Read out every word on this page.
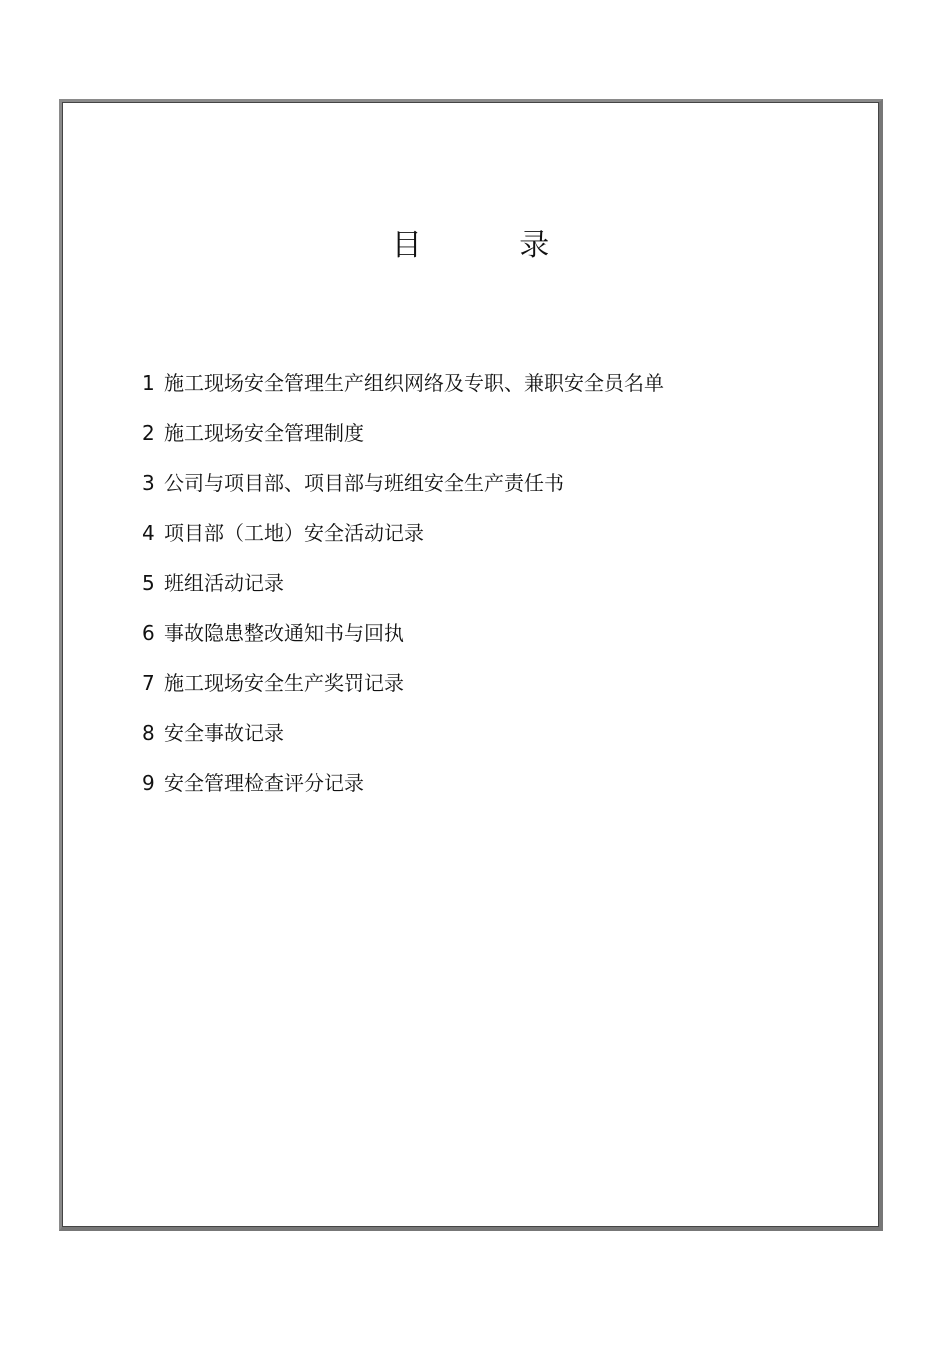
目 录
1 施工现场安全管理生产组织网络及专职、兼职安全员名单
2 施工现场安全管理制度
3 公司与项目部、项目部与班组安全生产责任书
4 项目部（工地）安全活动记录
5 班组活动记录
6 事故隐患整改通知书与回执
7 施工现场安全生产奖罚记录
8 安全事故记录
9 安全管理检查评分记录
